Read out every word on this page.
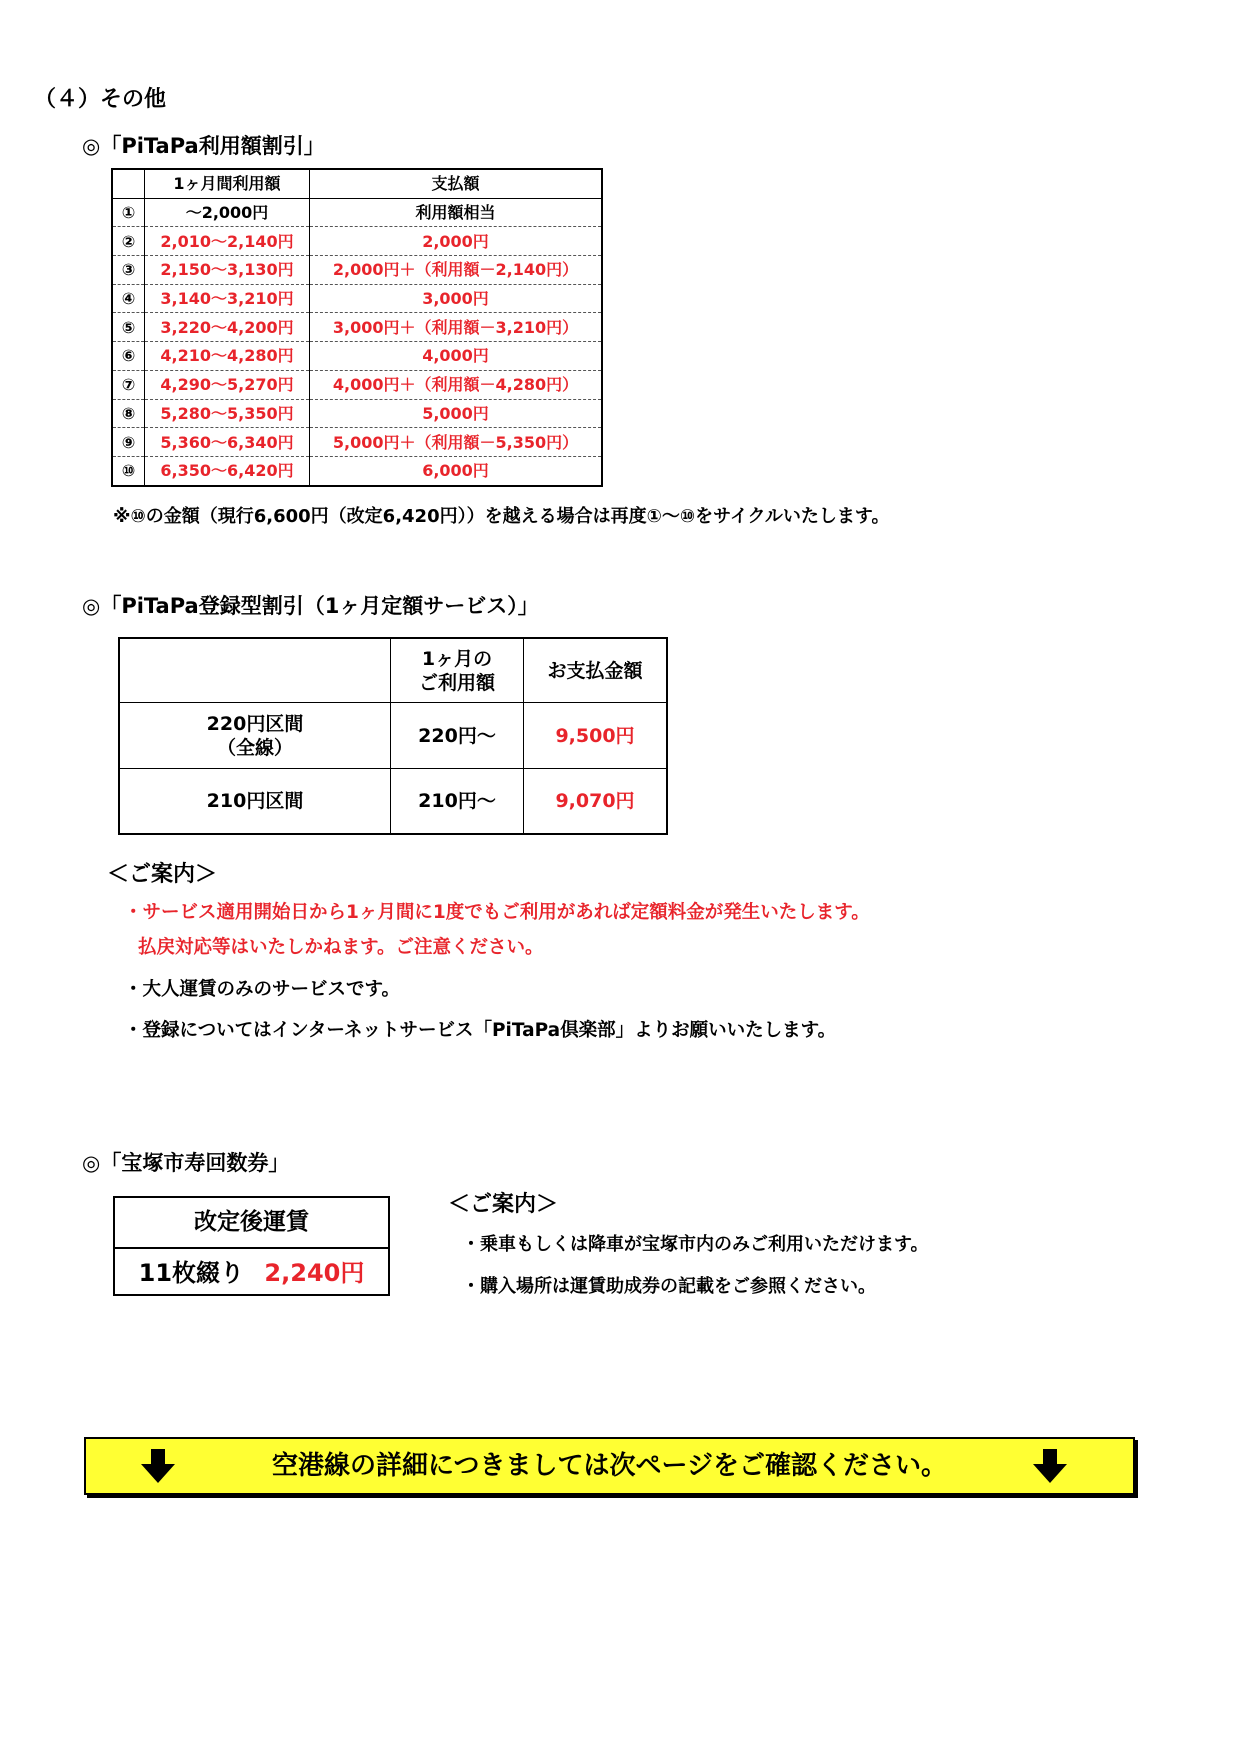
（４）その他
◎「PiTaPa利用額割引」
	1ヶ月間利用額	支払額
①	～2,000円	利用額相当
②	2,010～2,140円	2,000円
③	2,150～3,130円	2,000円＋（利用額－2,140円）
④	3,140～3,210円	3,000円
⑤	3,220～4,200円	3,000円＋（利用額－3,210円）
⑥	4,210～4,280円	4,000円
⑦	4,290～5,270円	4,000円＋（利用額－4,280円）
⑧	5,280～5,350円	5,000円
⑨	5,360～6,340円	5,000円＋（利用額－5,350円）
⑩	6,350～6,420円	6,000円
※⑩の金額（現行6,600円（改定6,420円））を越える場合は再度①～⑩をサイクルいたします。
◎「PiTaPa登録型割引（1ヶ月定額サービス）」

	1ヶ月の
ご利用額	お支払金額

220円区間
（全線）	220円～	9,500円
210円区間	210円～	9,070円
＜ご案内＞
・サービス適用開始日から1ヶ月間に1度でもご利用があれば定額料金が発生いたします。
払戻対応等はいたしかねます。ご注意ください。
・大人運賃のみのサービスです。
・登録についてはインターネットサービス「PiTaPa倶楽部」よりお願いいたします。
◎「宝塚市寿回数券」
改定後運賃
11枚綴り 2,240円
＜ご案内＞
・乗車もしくは降車が宝塚市内のみご利用いただけます。
・購入場所は運賃助成券の記載をご参照ください。
空港線の詳細につきましては次ページをご確認ください。
